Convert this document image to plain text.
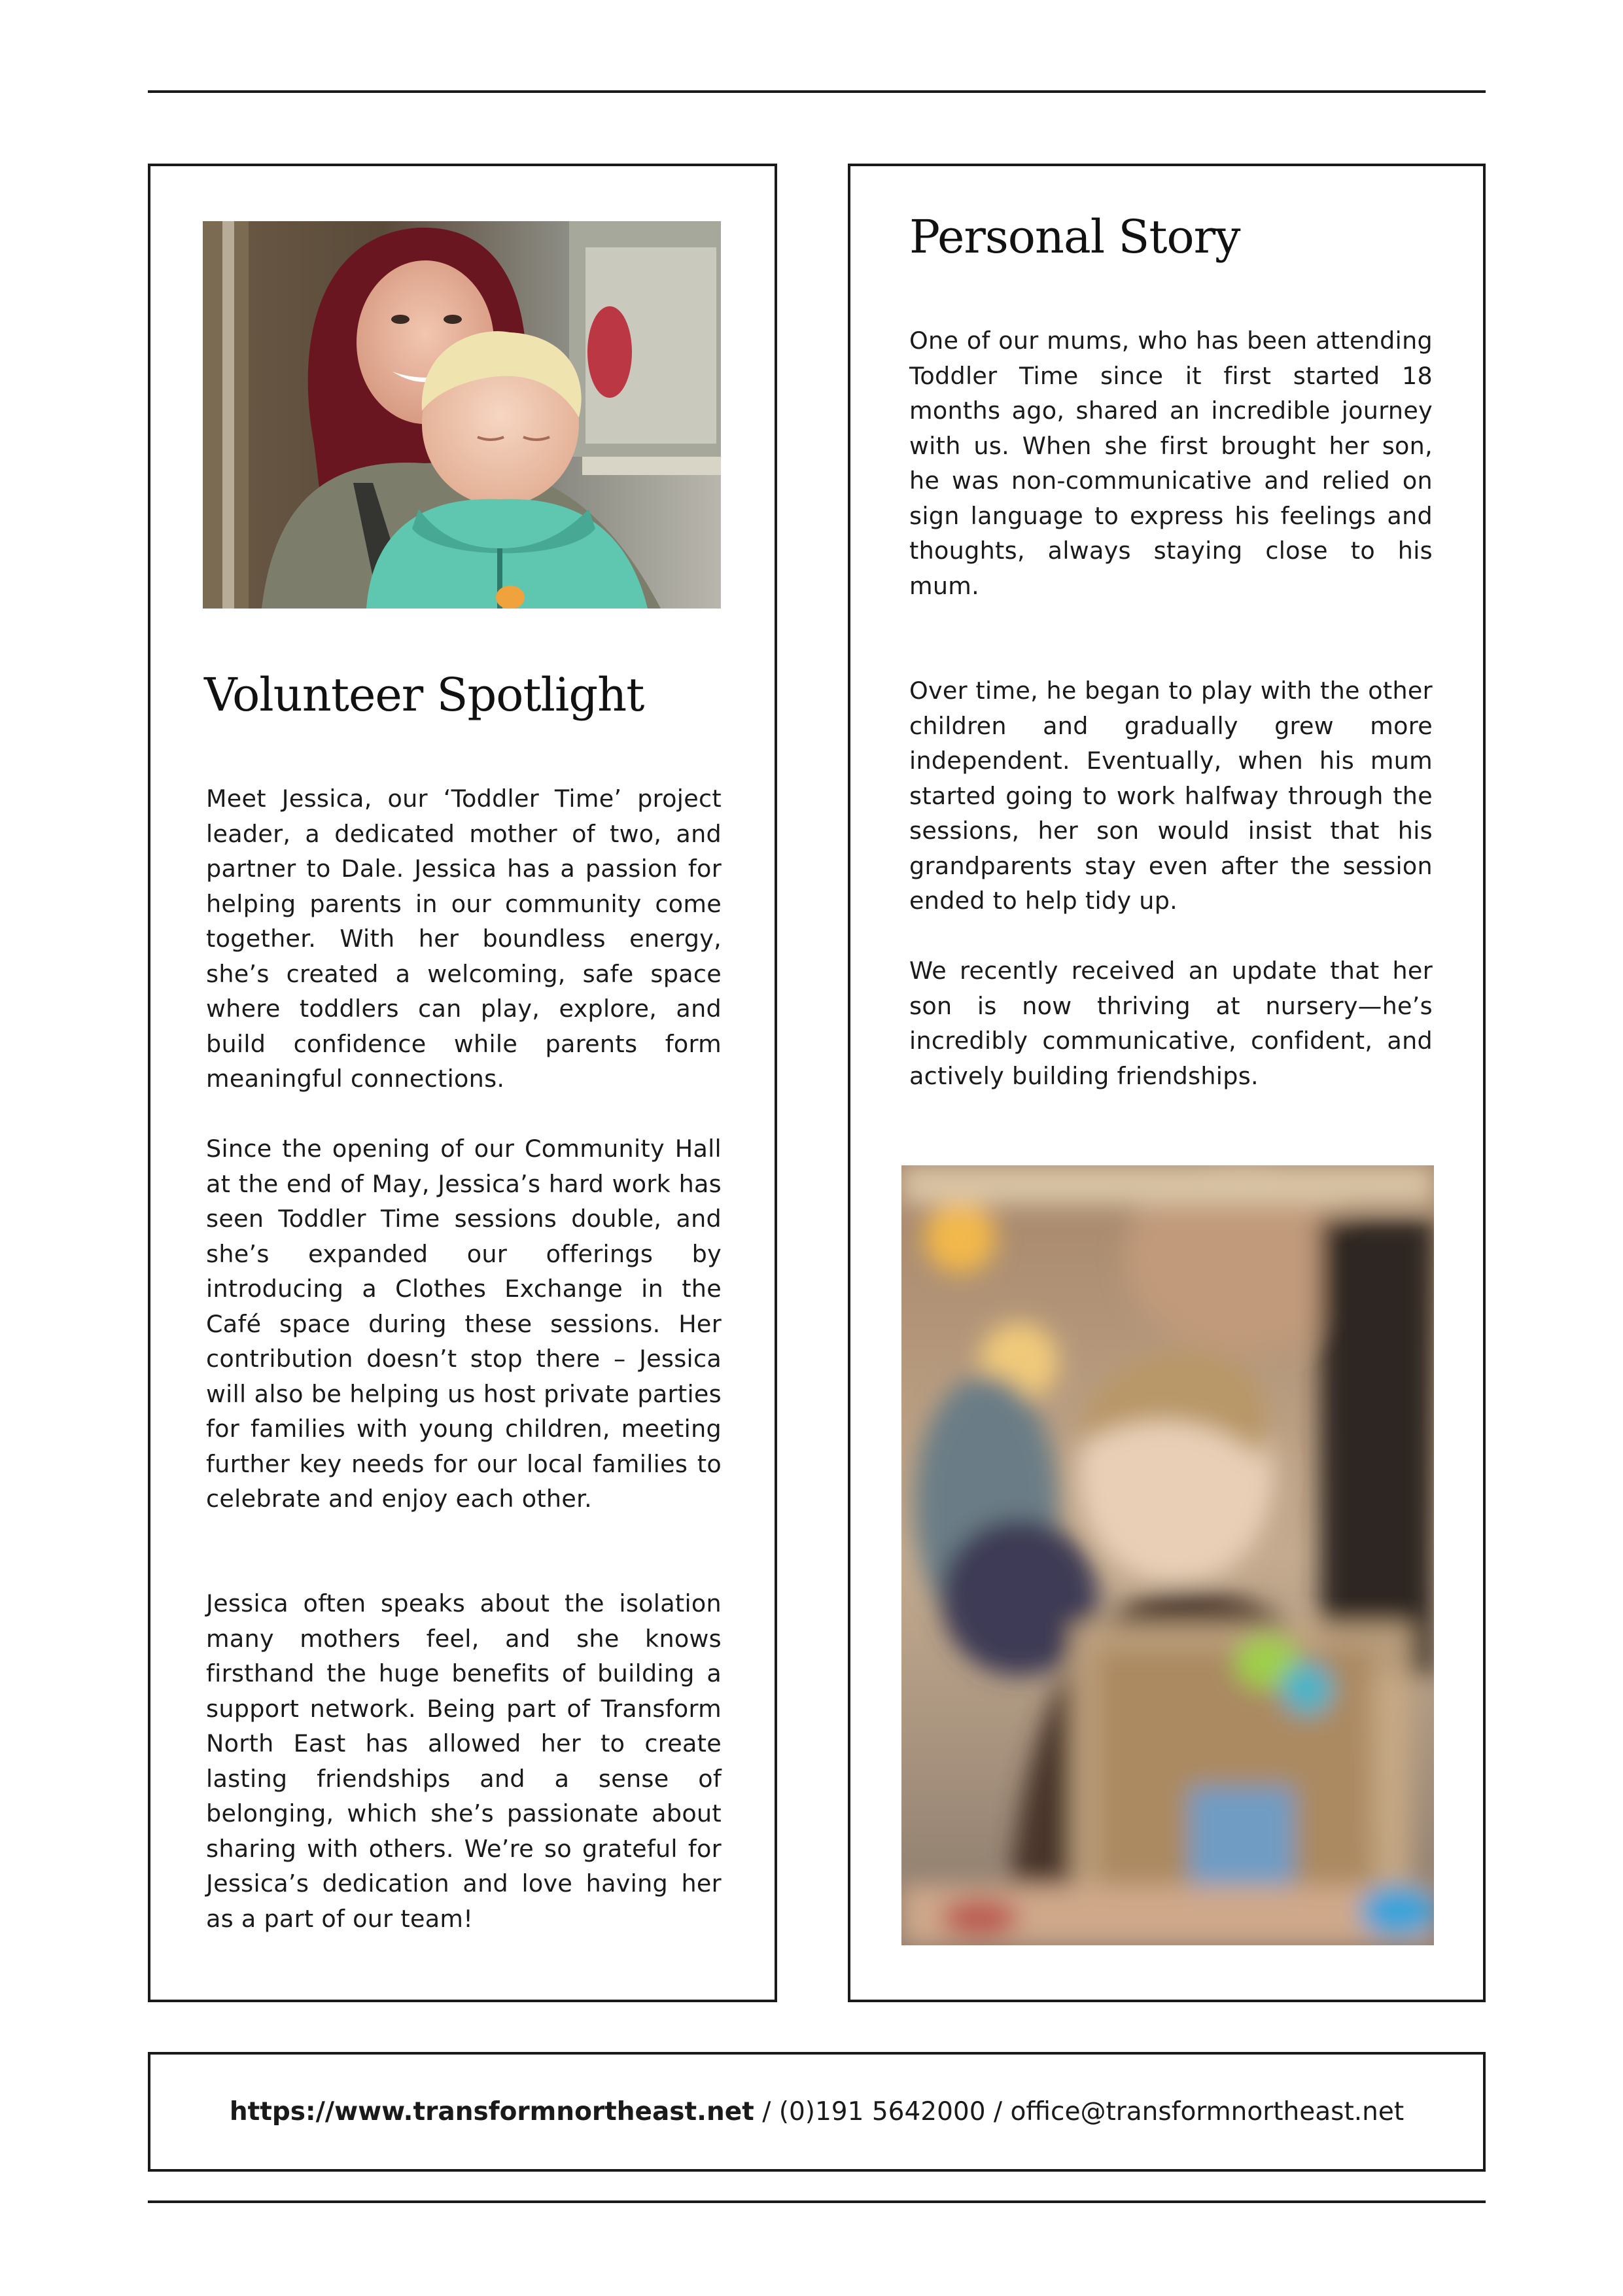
Volunteer Spotlight

Meet Jessica, our ‘Toddler Time’ project leader, a dedicated mother of two, and partner to Dale. Jessica has a passion for helping parents in our community come together. With her boundless energy, she’s created a welcoming, safe space where toddlers can play, explore, and build confidence while parents form meaningful connections.

Since the opening of our Community Hall at the end of May, Jessica’s hard work has seen Toddler Time sessions double, and she’s expanded our offerings by introducing a Clothes Exchange in the Café space during these sessions. Her contribution doesn’t stop there – Jessica will also be helping us host private parties for families with young children, meeting further key needs for our local families to celebrate and enjoy each other.

Jessica often speaks about the isolation many mothers feel, and she knows firsthand the huge benefits of building a support network. Being part of Transform North East has allowed her to create lasting friendships and a sense of belonging, which she’s passionate about sharing with others. We’re so grateful for Jessica’s dedication and love having her as a part of our team!

Personal Story

One of our mums, who has been attending Toddler Time since it first started 18 months ago, shared an incredible journey with us. When she first brought her son, he was non-communicative and relied on sign language to express his feelings and thoughts, always staying close to his mum.

Over time, he began to play with the other children and gradually grew more independent. Eventually, when his mum started going to work halfway through the sessions, her son would insist that his grandparents stay even after the session ended to help tidy up.

We recently received an update that her son is now thriving at nursery—he’s incredibly communicative, confident, and actively building friendships.

https://www.transformnortheast.net / (0)191 5642000 / office@transformnortheast.net
